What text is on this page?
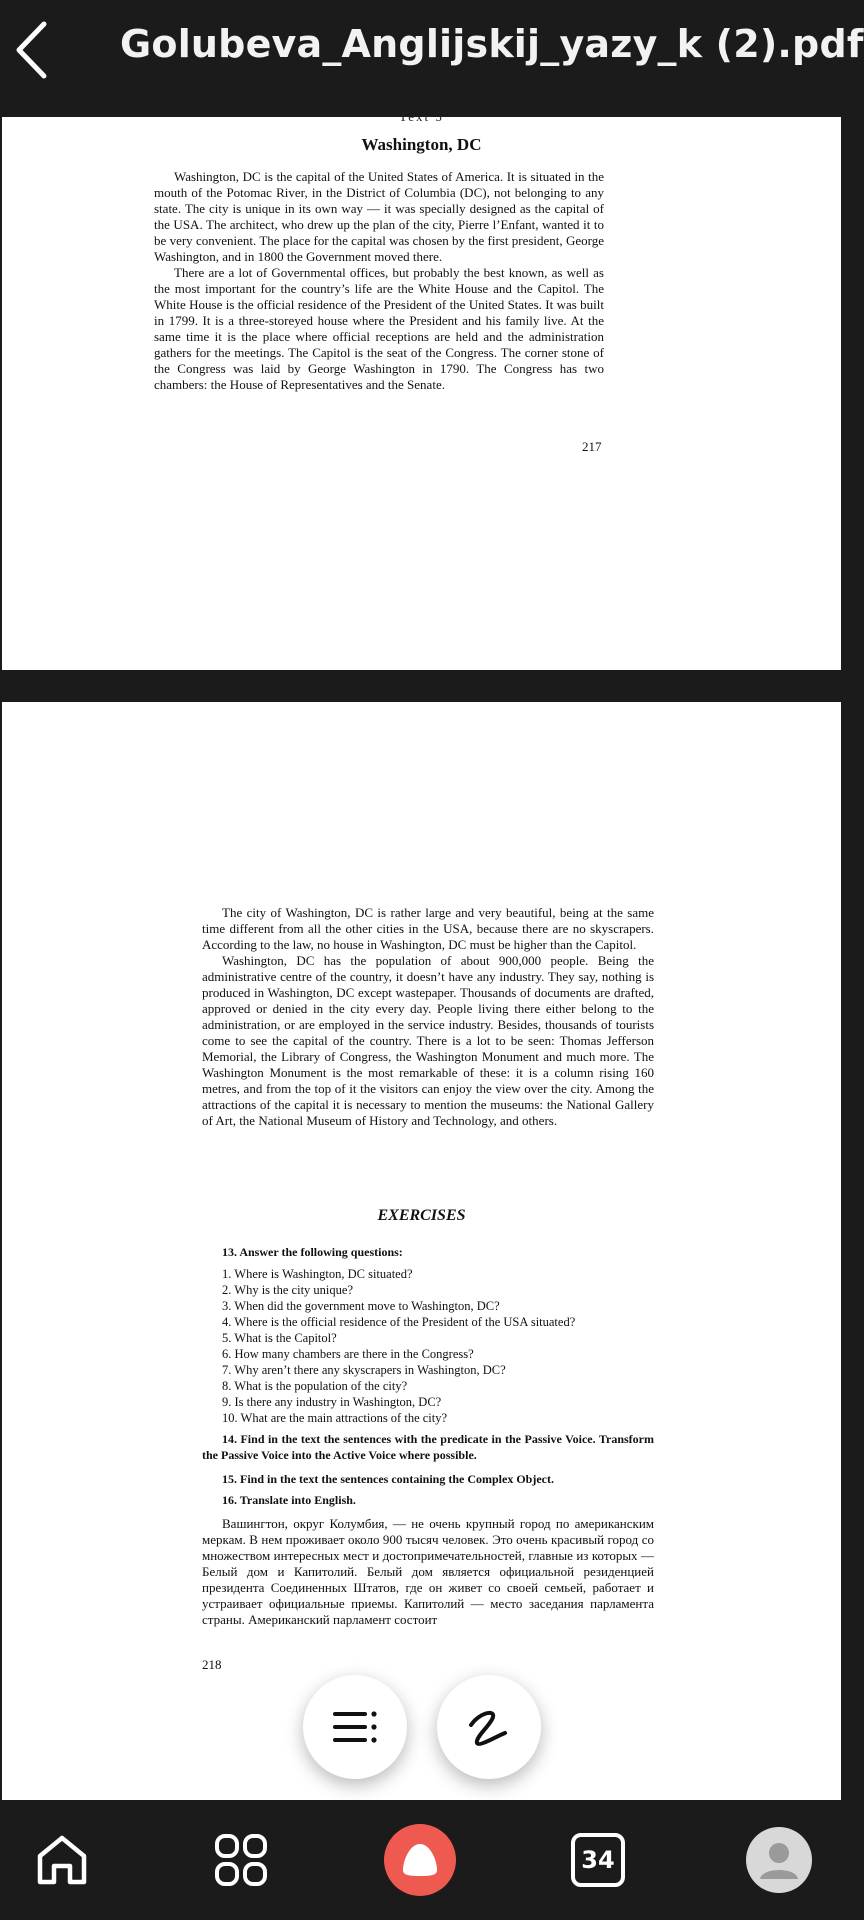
Golubeva_Anglijskij_yazy_k (2).pdf
Text 5
Washington, DC

Washington, DC is the capital of the United States of America. It is situated in the mouth of the Potomac River, in the District of Columbia (DC), not belonging to any state. The city is unique in its own way — it was specially designed as the capital of the USA. The architect, who drew up the plan of the city, Pierre l’Enfant, wanted it to be very convenient. The place for the capital was chosen by the first president, George Washington, and in 1800 the Government moved there.

There are a lot of Governmental offices, but probably the best known, as well as the most important for the country’s life are the White House and the Capitol. The White House is the official residence of the President of the United States. It was built in 1799. It is a three-storeyed house where the President and his family live. At the same time it is the place where official receptions are held and the administration gathers for the meetings. The Capitol is the seat of the Congress. The corner stone of the Congress was laid by George Washington in 1790. The Congress has two chambers: the House of Representatives and the Senate.

217

The city of Washington, DC is rather large and very beautiful, being at the same time different from all the other cities in the USA, because there are no skyscrapers. According to the law, no house in Washington, DC must be higher than the Capitol.

Washington, DC has the population of about 900,000 people. Being the administrative centre of the country, it doesn’t have any industry. They say, nothing is produced in Washington, DC except wastepaper. Thousands of documents are drafted, approved or denied in the city every day. People living there either belong to the administration, or are employed in the service industry. Besides, thousands of tourists come to see the capital of the country. There is a lot to be seen: Thomas Jefferson Memorial, the Library of Congress, the Washington Monument and much more. The Washington Monument is the most remarkable of these: it is a column rising 160 metres, and from the top of it the visitors can enjoy the view over the city. Among the attractions of the capital it is necessary to mention the museums: the National Gallery of Art, the National Museum of History and Technology, and others.

EXERCISES
13. Answer the following questions:
1. Where is Washington, DC situated?
2. Why is the city unique?
3. When did the government move to Washington, DC?
4. Where is the official residence of the President of the USA situated?
5. What is the Capitol?
6. How many chambers are there in the Congress?
7. Why aren’t there any skyscrapers in Washington, DC?
8. What is the population of the city?
9. Is there any industry in Washington, DC?
10. What are the main attractions of the city?
14. Find in the text the sentences with the predicate in the Passive Voice. Transform the Passive Voice into the Active Voice where possible.
15. Find in the text the sentences containing the Complex Object.
16. Translate into English.

Вашингтон, округ Колумбия, — не очень крупный город по американским меркам. В нем проживает около 900 тысяч человек. Это очень красивый город со множеством интересных мест и достопримечательностей, главные из которых — Белый дом и Капитолий. Белый дом является официальной резиденцией президента Соединенных Штатов, где он живет со своей семьей, работает и устраивает официальные приемы. Капитолий — место заседания парламента страны. Американский парламент состоит

218
34
